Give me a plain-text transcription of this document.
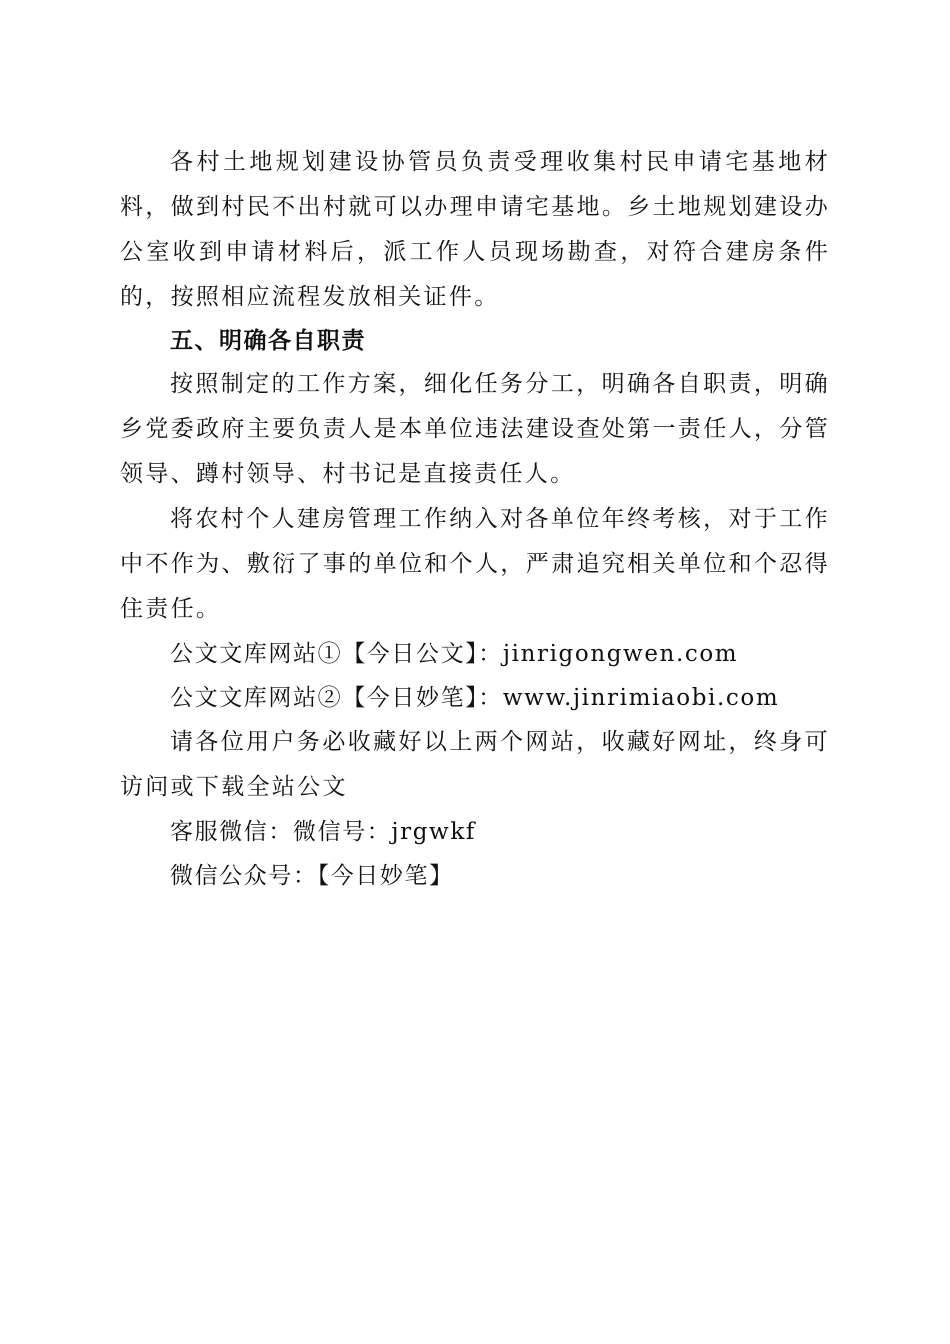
各村土地规划建设协管员负责受理收集村民申请宅基地材料，做到村民不出村就可以办理申请宅基地。乡土地规划建设办公室收到申请材料后，派工作人员现场勘查，对符合建房条件的，按照相应流程发放相关证件。

五、明确各自职责

按照制定的工作方案，细化任务分工，明确各自职责，明确乡党委政府主要负责人是本单位违法建设查处第一责任人，分管领导、蹲村领导、村书记是直接责任人。

将农村个人建房管理工作纳入对各单位年终考核，对于工作中不作为、敷衍了事的单位和个人，严肃追究相关单位和个忍得住责任。

公文文库网站①【今日公文】：jinrigongwen.com

公文文库网站②【今日妙笔】：www.jinrimiaobi.com

请各位用户务必收藏好以上两个网站，收藏好网址，终身可访问或下载全站公文

客服微信：微信号：jrgwkf

微信公众号：【今日妙笔】
